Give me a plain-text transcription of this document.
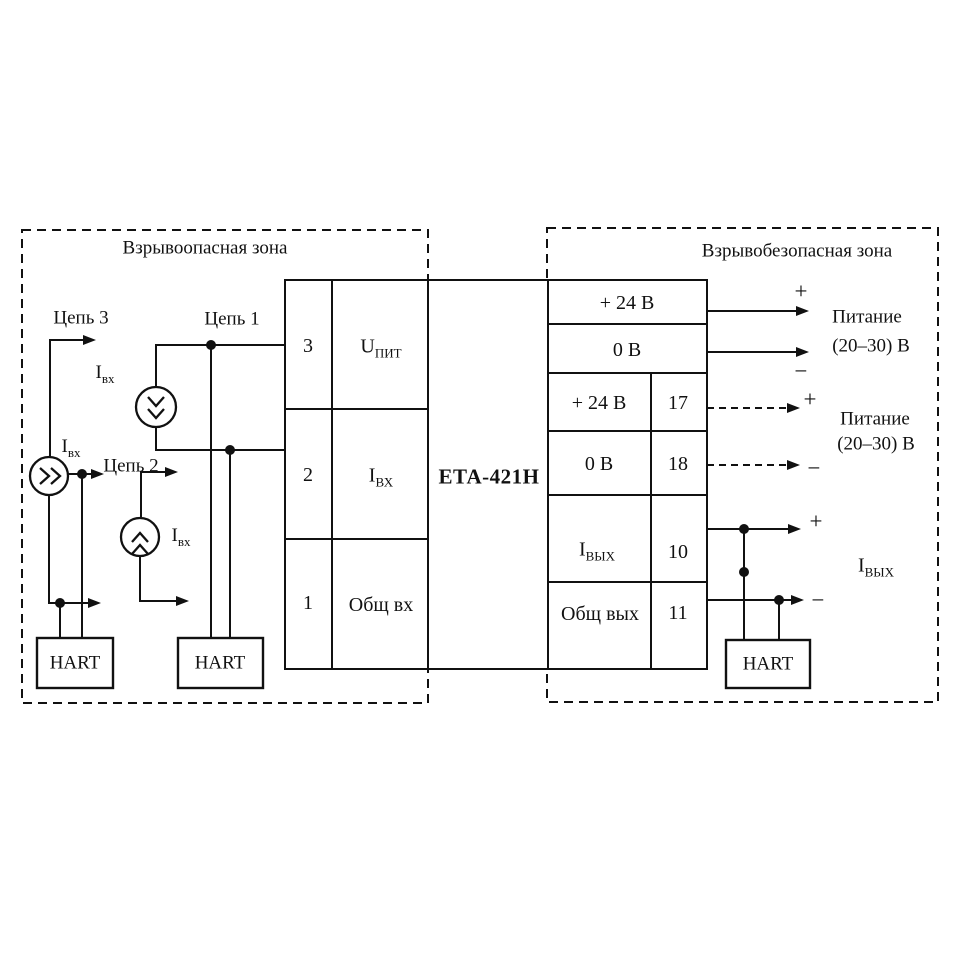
Взрывоопасная зона	Взрывобезопасная зона
ЕТА-421Н
3 $U_{ПИТ}$
2	$I_{ВХ}$
1 Общ вх
+ 24 В
0 В
+ 24 В 17
0 В	18
$I_{ВЫХ}$	10
Общ вых 11
Цепь 3	Цепь 1
Цепь 2
$I_{вх}$
$I_{вх}$
$I_{вх}$
HART	HART	HART
+
−
Питание
(20–30) В
+
−
Питание
(20–30) В
+
−
$I_{ВЫХ}$
